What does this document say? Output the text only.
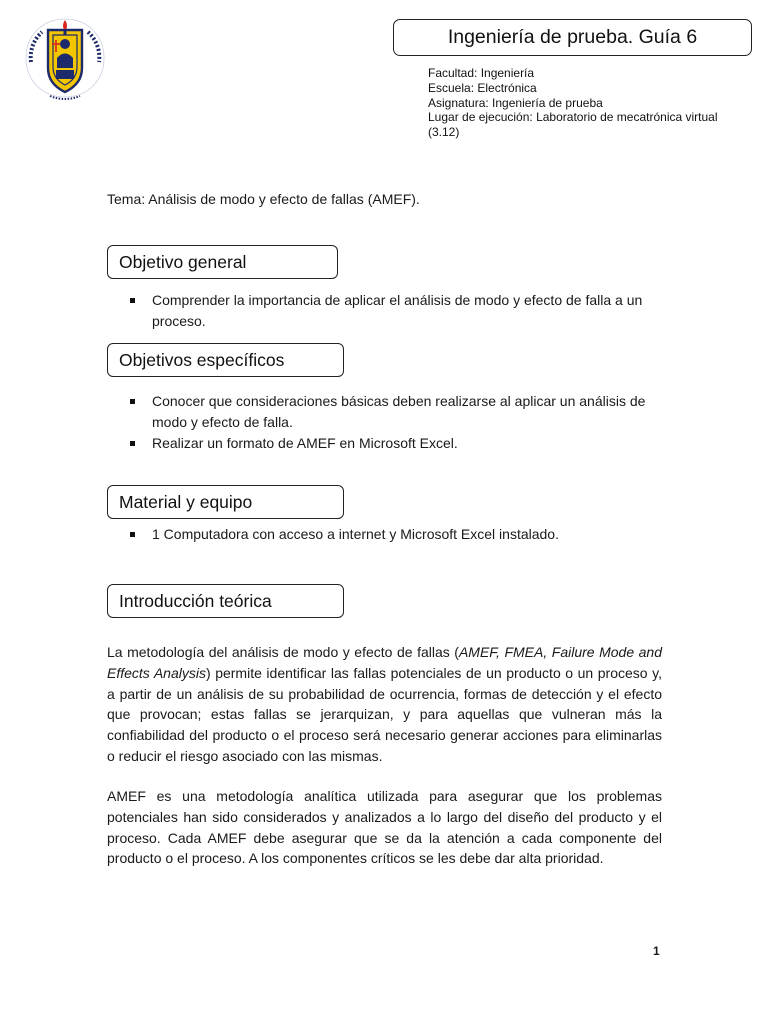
Ingeniería de prueba. Guía 6
Facultad: Ingeniería
Escuela: Electrónica
Asignatura: Ingeniería de prueba
Lugar de ejecución: Laboratorio de mecatrónica virtual
(3.12)
Tema: Análisis de modo y efecto de fallas (AMEF).
Objetivo general
Comprender la importancia de aplicar el análisis de modo y efecto de falla a un proceso.
Objetivos específicos
Conocer que consideraciones básicas deben realizarse al aplicar un análisis de modo y efecto de falla.
Realizar un formato de AMEF en Microsoft Excel.
Material y equipo
1 Computadora con acceso a internet y Microsoft Excel instalado.
Introducción teórica

La metodología del análisis de modo y efecto de fallas (AMEF, FMEA, Failure Mode and Effects Analysis) permite identificar las fallas potenciales de un producto o un proceso y, a partir de un análisis de su probabilidad de ocurrencia, formas de detección y el efecto que provocan; estas fallas se jerarquizan, y para aquellas que vulneran más la confiabilidad del producto o el proceso será necesario generar acciones para eliminarlas o reducir el riesgo asociado con las mismas.

AMEF es una metodología analítica utilizada para asegurar que los problemas potenciales han sido considerados y analizados a lo largo del diseño del producto y el proceso. Cada AMEF debe asegurar que se da la atención a cada componente del producto o el proceso. A los componentes críticos se les debe dar alta prioridad.

1
